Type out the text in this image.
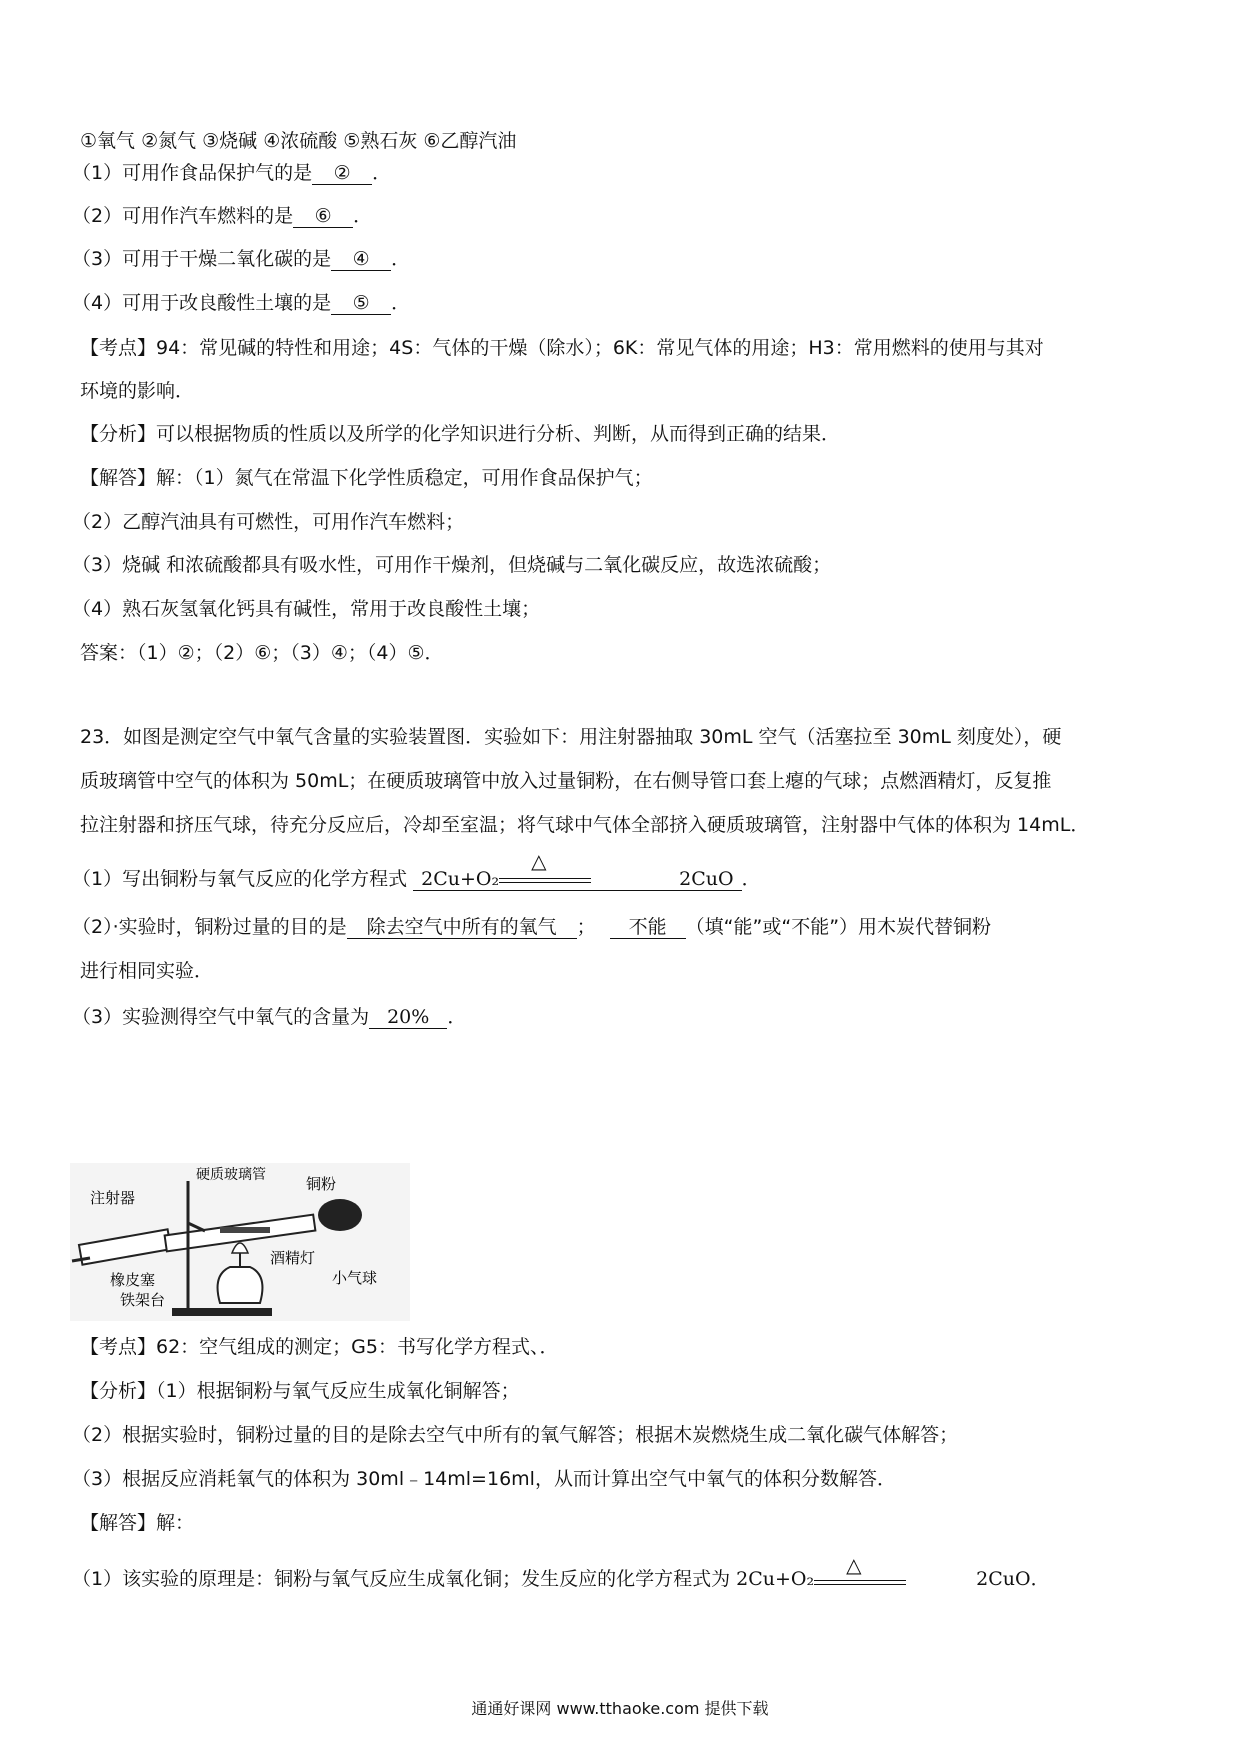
①氧气 ②氮气 ③烧碱 ④浓硫酸 ⑤熟石灰 ⑥乙醇汽油
（1）可用作食品保护气的是 ② ．
（2）可用作汽车燃料的是 ⑥ ．
（3）可用于干燥二氧化碳的是 ④ ．
（4）可用于改良酸性土壤的是 ⑤ ．
【考点】94：常见碱的特性和用途；4S：气体的干燥（除水）；6K：常见气体的用途；H3：常用燃料的使用与其对
环境的影响．
【分析】可以根据物质的性质以及所学的化学知识进行分析、判断，从而得到正确的结果．
【解答】解：（1）氮气在常温下化学性质稳定，可用作食品保护气；
（2）乙醇汽油具有可燃性，可用作汽车燃料；
（3）烧碱 和浓硫酸都具有吸水性，可用作干燥剂，但烧碱与二氧化碳反应，故选浓硫酸；
（4）熟石灰氢氧化钙具有碱性，常用于改良酸性土壤；
答案：（1）②；（2）⑥；（3）④；（4）⑤．
23．如图是测定空气中氧气含量的实验装置图．实验如下：用注射器抽取 30mL 空气（活塞拉至 30mL 刻度处），硬
质玻璃管中空气的体积为 50mL；在硬质玻璃管中放入过量铜粉，在右侧导管口套上瘪的气球；点燃酒精灯，反复推
拉注射器和挤压气球，待充分反应后，冷却至室温；将气球中气体全部挤入硬质玻璃管，注射器中气体的体积为 14mL．
（1）写出铜粉与氧气反应的化学方程式 2Cu+O₂
△
2CuO ．
（2）·实验时，铜粉过量的目的是 除去空气中所有的氧气 ； 不能 （填“能”或“不能”）用木炭代替铜粉
进行相同实验．
（3）实验测得空气中氧气的含量为 20% ．
注射器
硬质玻璃管	铜粉
橡皮塞
铁架台
酒精灯
小气球
【考点】62：空气组成的测定；G5：书写化学方程式、．
【分析】（1）根据铜粉与氧气反应生成氧化铜解答；
（2）根据实验时，铜粉过量的目的是除去空气中所有的氧气解答；根据木炭燃烧生成二氧化碳气体解答；
（3）根据反应消耗氧气的体积为 30ml﹣14ml=16ml，从而计算出空气中氧气的体积分数解答．
【解答】解：
（1）该实验的原理是：铜粉与氧气反应生成氧化铜；发生反应的化学方程式为 2Cu+O₂
△
2CuO．
通通好课网 www.tthaoke.com 提供下载
